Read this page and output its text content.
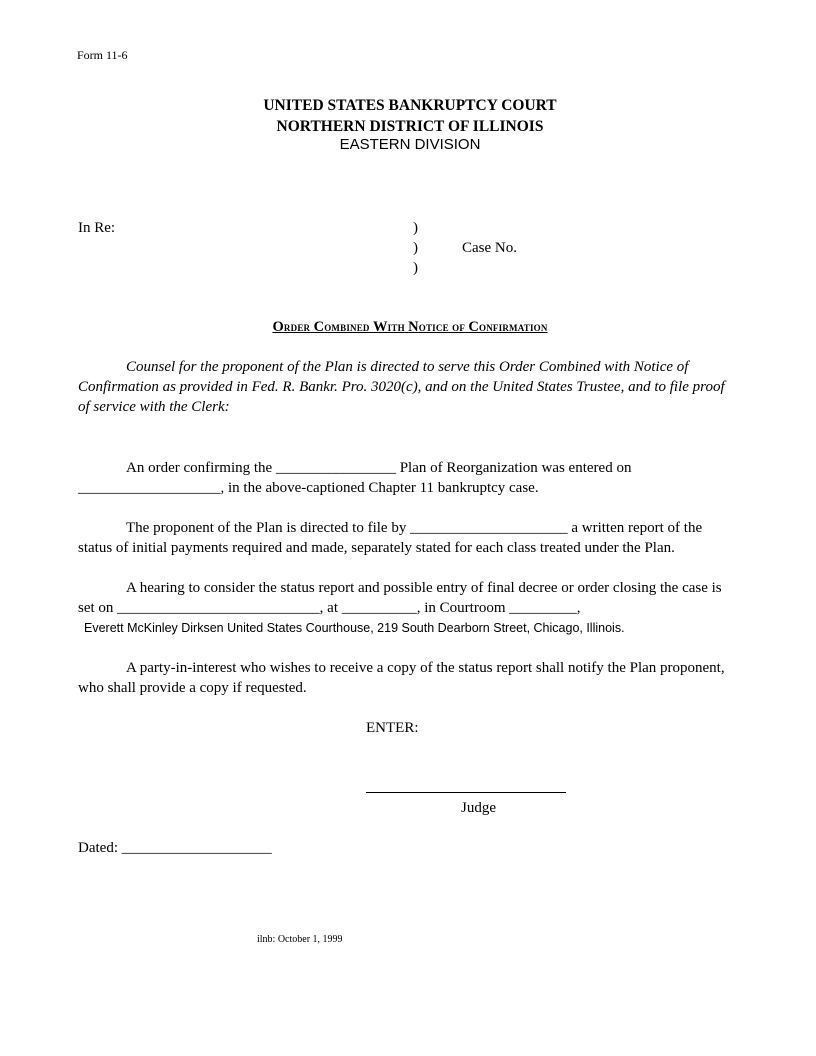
Form 11-6
UNITED STATES BANKRUPTCY COURT
NORTHERN DISTRICT OF ILLINOIS
EASTERN DIVISION
In Re:	)
)	Case No.
)
Order Combined With Notice of Confirmation
Counsel for the proponent of the Plan is directed to serve this Order Combined with Notice of Confirmation as provided in Fed. R. Bankr. Pro. 3020(c), and on the United States Trustee, and to file proof of service with the Clerk:
An order confirming the ________________ Plan of Reorganization was entered on
___________________, in the above-captioned Chapter 11 bankruptcy case.
The proponent of the Plan is directed to file by _____________________ a written report of the
status of initial payments required and made, separately stated for each class treated under the Plan.
A hearing to consider the status report and possible entry of final decree or order closing the case is
set on ___________________________, at __________, in Courtroom _________,
Everett McKinley Dirksen United States Courthouse, 219 South Dearborn Street, Chicago, Illinois.
A party-in-interest who wishes to receive a copy of the status report shall notify the Plan proponent,
who shall provide a copy if requested.
ENTER:
Judge
Dated: ____________________
ilnb: October 1, 1999
